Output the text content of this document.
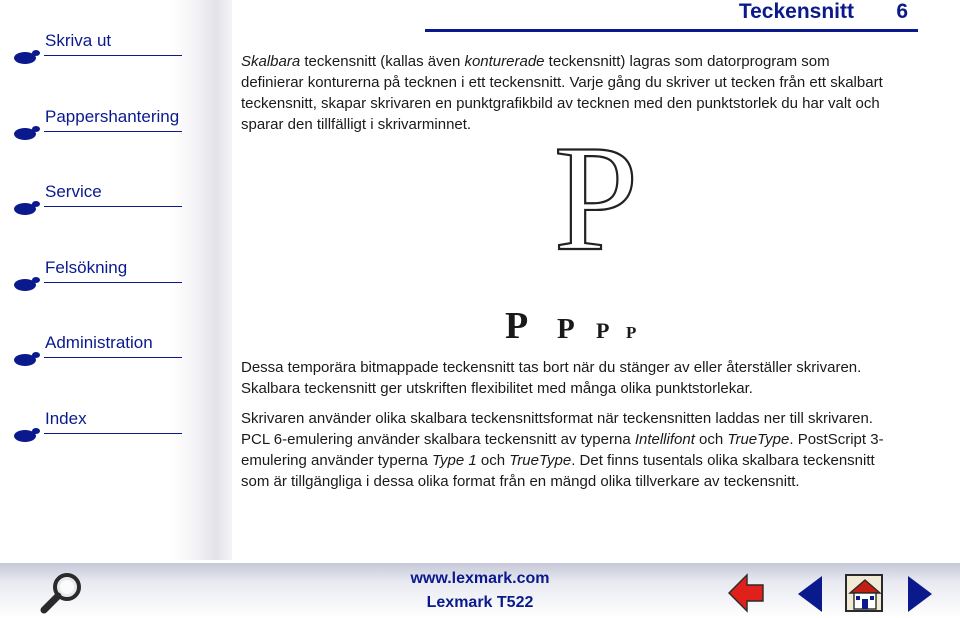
Teckensnitt 6
Skriva ut
Pappershantering
Service
Felsökning
Administration
Index

Skalbara teckensnitt (kallas även konturerade teckensnitt) lagras som datorprogram som definierar konturerna på tecknen i ett teckensnitt. Varje gång du skriver ut tecken från ett skalbart teckensnitt, skapar skrivaren en punktgrafikbild av tecknen med den punktstorlek du har valt och sparar den tillfälligt i skrivarminnet. P
P P P P

Dessa temporära bitmappade teckensnitt tas bort när du stänger av eller återställer skrivaren. Skalbara teckensnitt ger utskriften flexibilitet med många olika punktstorlekar.

Skrivaren använder olika skalbara teckensnittsformat när teckensnitten laddas ner till skrivaren. PCL 6-emulering använder skalbara teckensnitt av typerna Intellifont och TrueType. PostScript 3-emulering använder typerna Type 1 och TrueType. Det finns tusentals olika skalbara teckensnitt som är tillgängliga i dessa olika format från en mängd olika tillverkare av teckensnitt.

www.lexmark.com
Lexmark T522
